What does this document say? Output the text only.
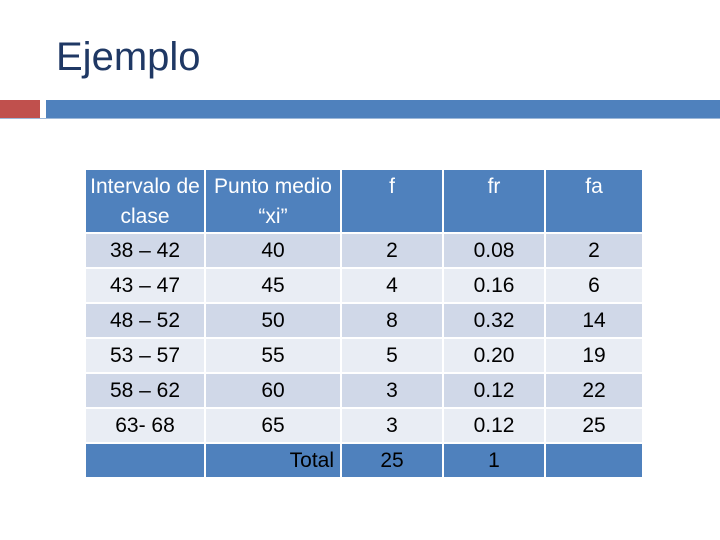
Ejemplo
Intervalo de clase	Punto medio “xi”	f	fr	fa
38 – 42	40	2	0.08	2
43 – 47	45	4	0.16	6
48 – 52	50	8	0.32	14
53 – 57	55	5	0.20	19
58 – 62	60	3	0.12	22
63- 68	65	3	0.12	25
	Total	25	1	
